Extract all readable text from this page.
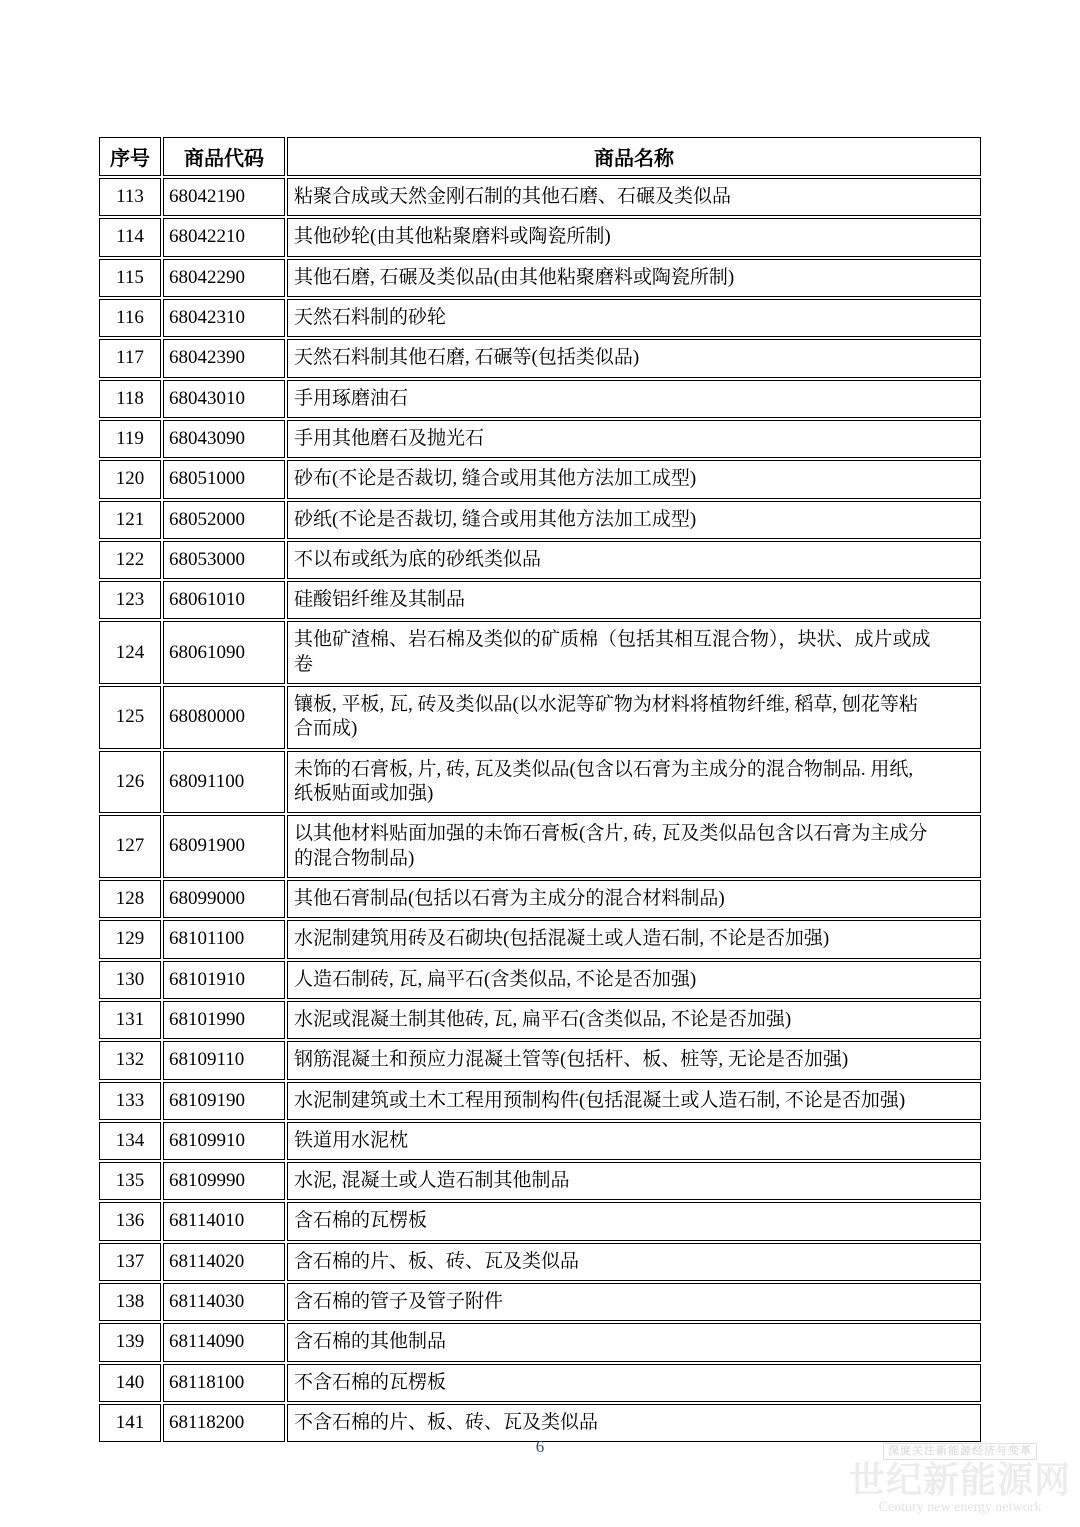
序号	商品代码	商品名称
113	68042190	粘聚合成或天然金刚石制的其他石磨、石碾及类似品
114	68042210	其他砂轮(由其他粘聚磨料或陶瓷所制)
115	68042290	其他石磨, 石碾及类似品(由其他粘聚磨料或陶瓷所制)
116	68042310	天然石料制的砂轮
117	68042390	天然石料制其他石磨, 石碾等(包括类似品)
118	68043010	手用琢磨油石
119	68043090	手用其他磨石及抛光石
120	68051000	砂布(不论是否裁切, 缝合或用其他方法加工成型)
121	68052000	砂纸(不论是否裁切, 缝合或用其他方法加工成型)
122	68053000	不以布或纸为底的砂纸类似品
123	68061010	硅酸铝纤维及其制品
124	68061090	其他矿渣棉、岩石棉及类似的矿质棉（包括其相互混合物），块状、成片或成卷
125	68080000	镶板, 平板, 瓦, 砖及类似品(以水泥等矿物为材料将植物纤维, 稻草, 刨花等粘合而成)
126	68091100	未饰的石膏板, 片, 砖, 瓦及类似品(包含以石膏为主成分的混合物制品. 用纸, 纸板贴面或加强)
127	68091900	以其他材料贴面加强的未饰石膏板(含片, 砖, 瓦及类似品包含以石膏为主成分的混合物制品)
128	68099000	其他石膏制品(包括以石膏为主成分的混合材料制品)
129	68101100	水泥制建筑用砖及石砌块(包括混凝土或人造石制, 不论是否加强)
130	68101910	人造石制砖, 瓦, 扁平石(含类似品, 不论是否加强)
131	68101990	水泥或混凝土制其他砖, 瓦, 扁平石(含类似品, 不论是否加强)
132	68109110	钢筋混凝土和预应力混凝土管等(包括杆、板、桩等, 无论是否加强)
133	68109190	水泥制建筑或土木工程用预制构件(包括混凝土或人造石制, 不论是否加强)
134	68109910	铁道用水泥枕
135	68109990	水泥, 混凝土或人造石制其他制品
136	68114010	含石棉的瓦楞板
137	68114020	含石棉的片、板、砖、瓦及类似品
138	68114030	含石棉的管子及管子附件
139	68114090	含石棉的其他制品
140	68118100	不含石棉的瓦楞板
141	68118200	不含石棉的片、板、砖、瓦及类似品
6	深度关注新能源经济与变革
世纪新能源网
Century new energy network
